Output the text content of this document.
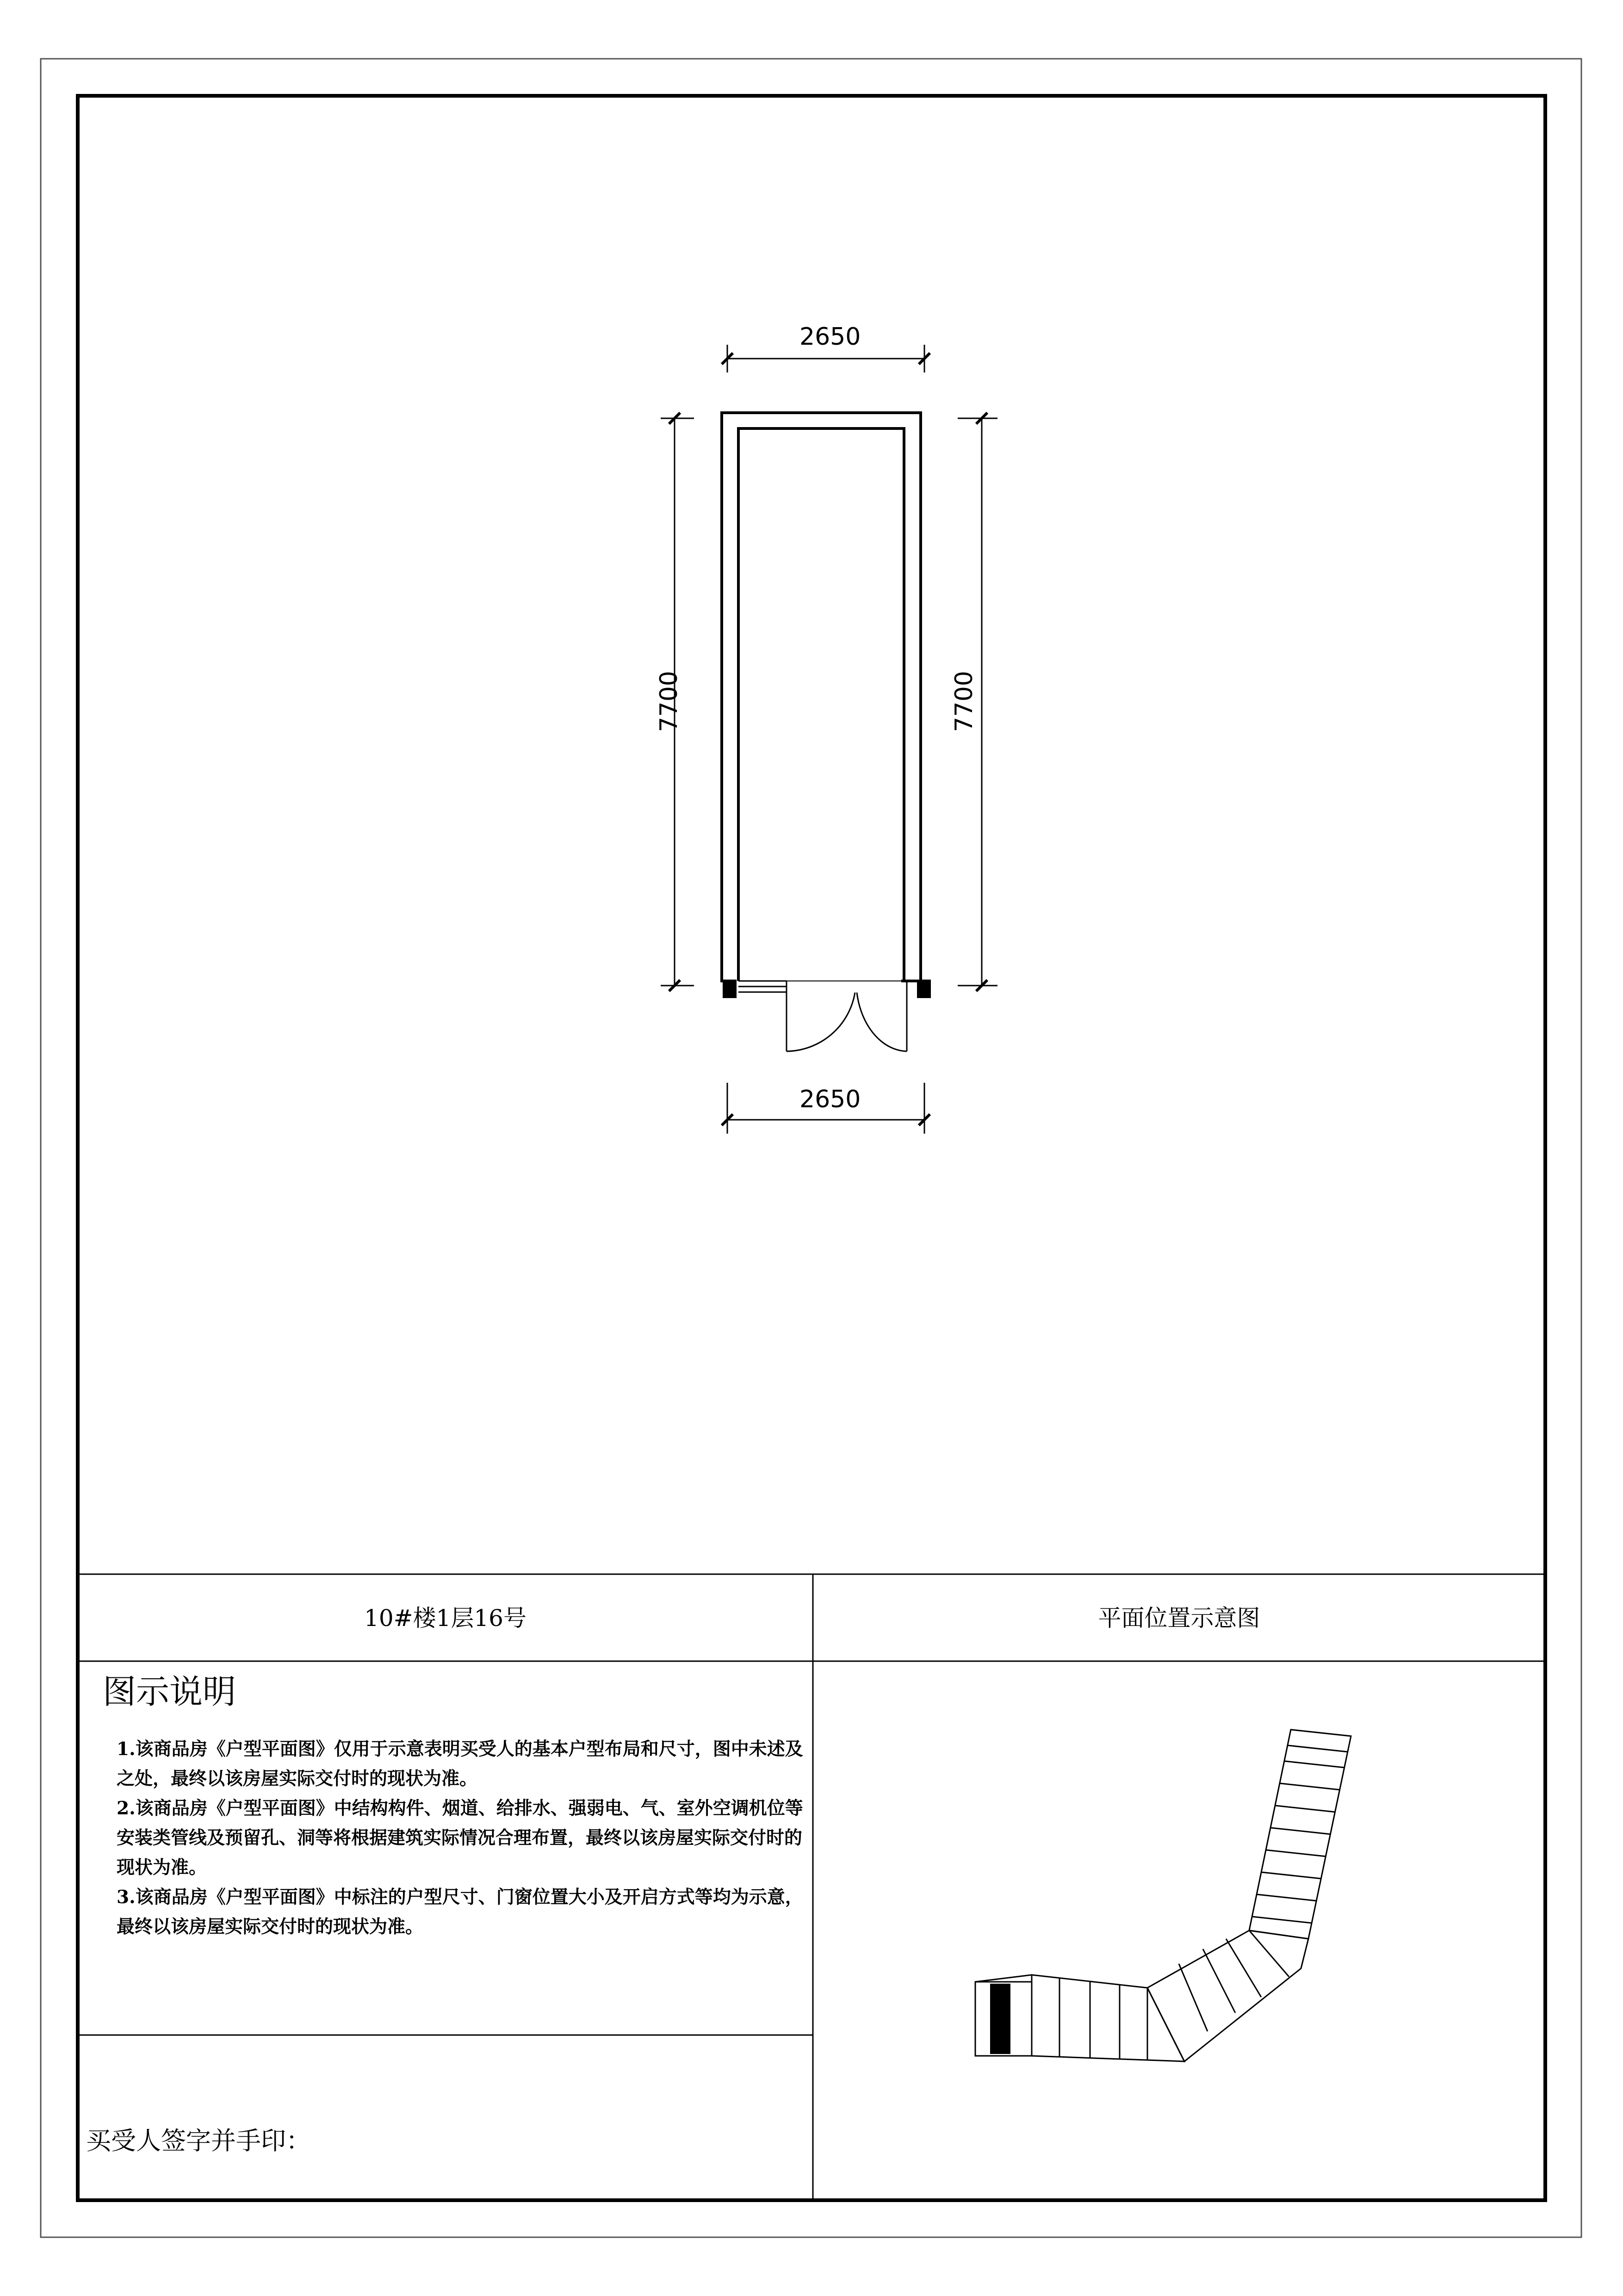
2650
2650
7700	7700
10#楼1层16号	平面位置示意图
图示说明

1.该商品房《户型平面图》仅用于示意表明买受人的基本户型布局和尺寸，图中未述及之处，最终以该房屋实际交付时的现状为准。

2.该商品房《户型平面图》中结构构件、烟道、给排水、强弱电、气、室外空调机位等安装类管线及预留孔、洞等将根据建筑实际情况合理布置，最终以该房屋实际交付时的现状为准。

3.该商品房《户型平面图》中标注的户型尺寸、门窗位置大小及开启方式等均为示意，最终以该房屋实际交付时的现状为准。

买受人签字并手印：
